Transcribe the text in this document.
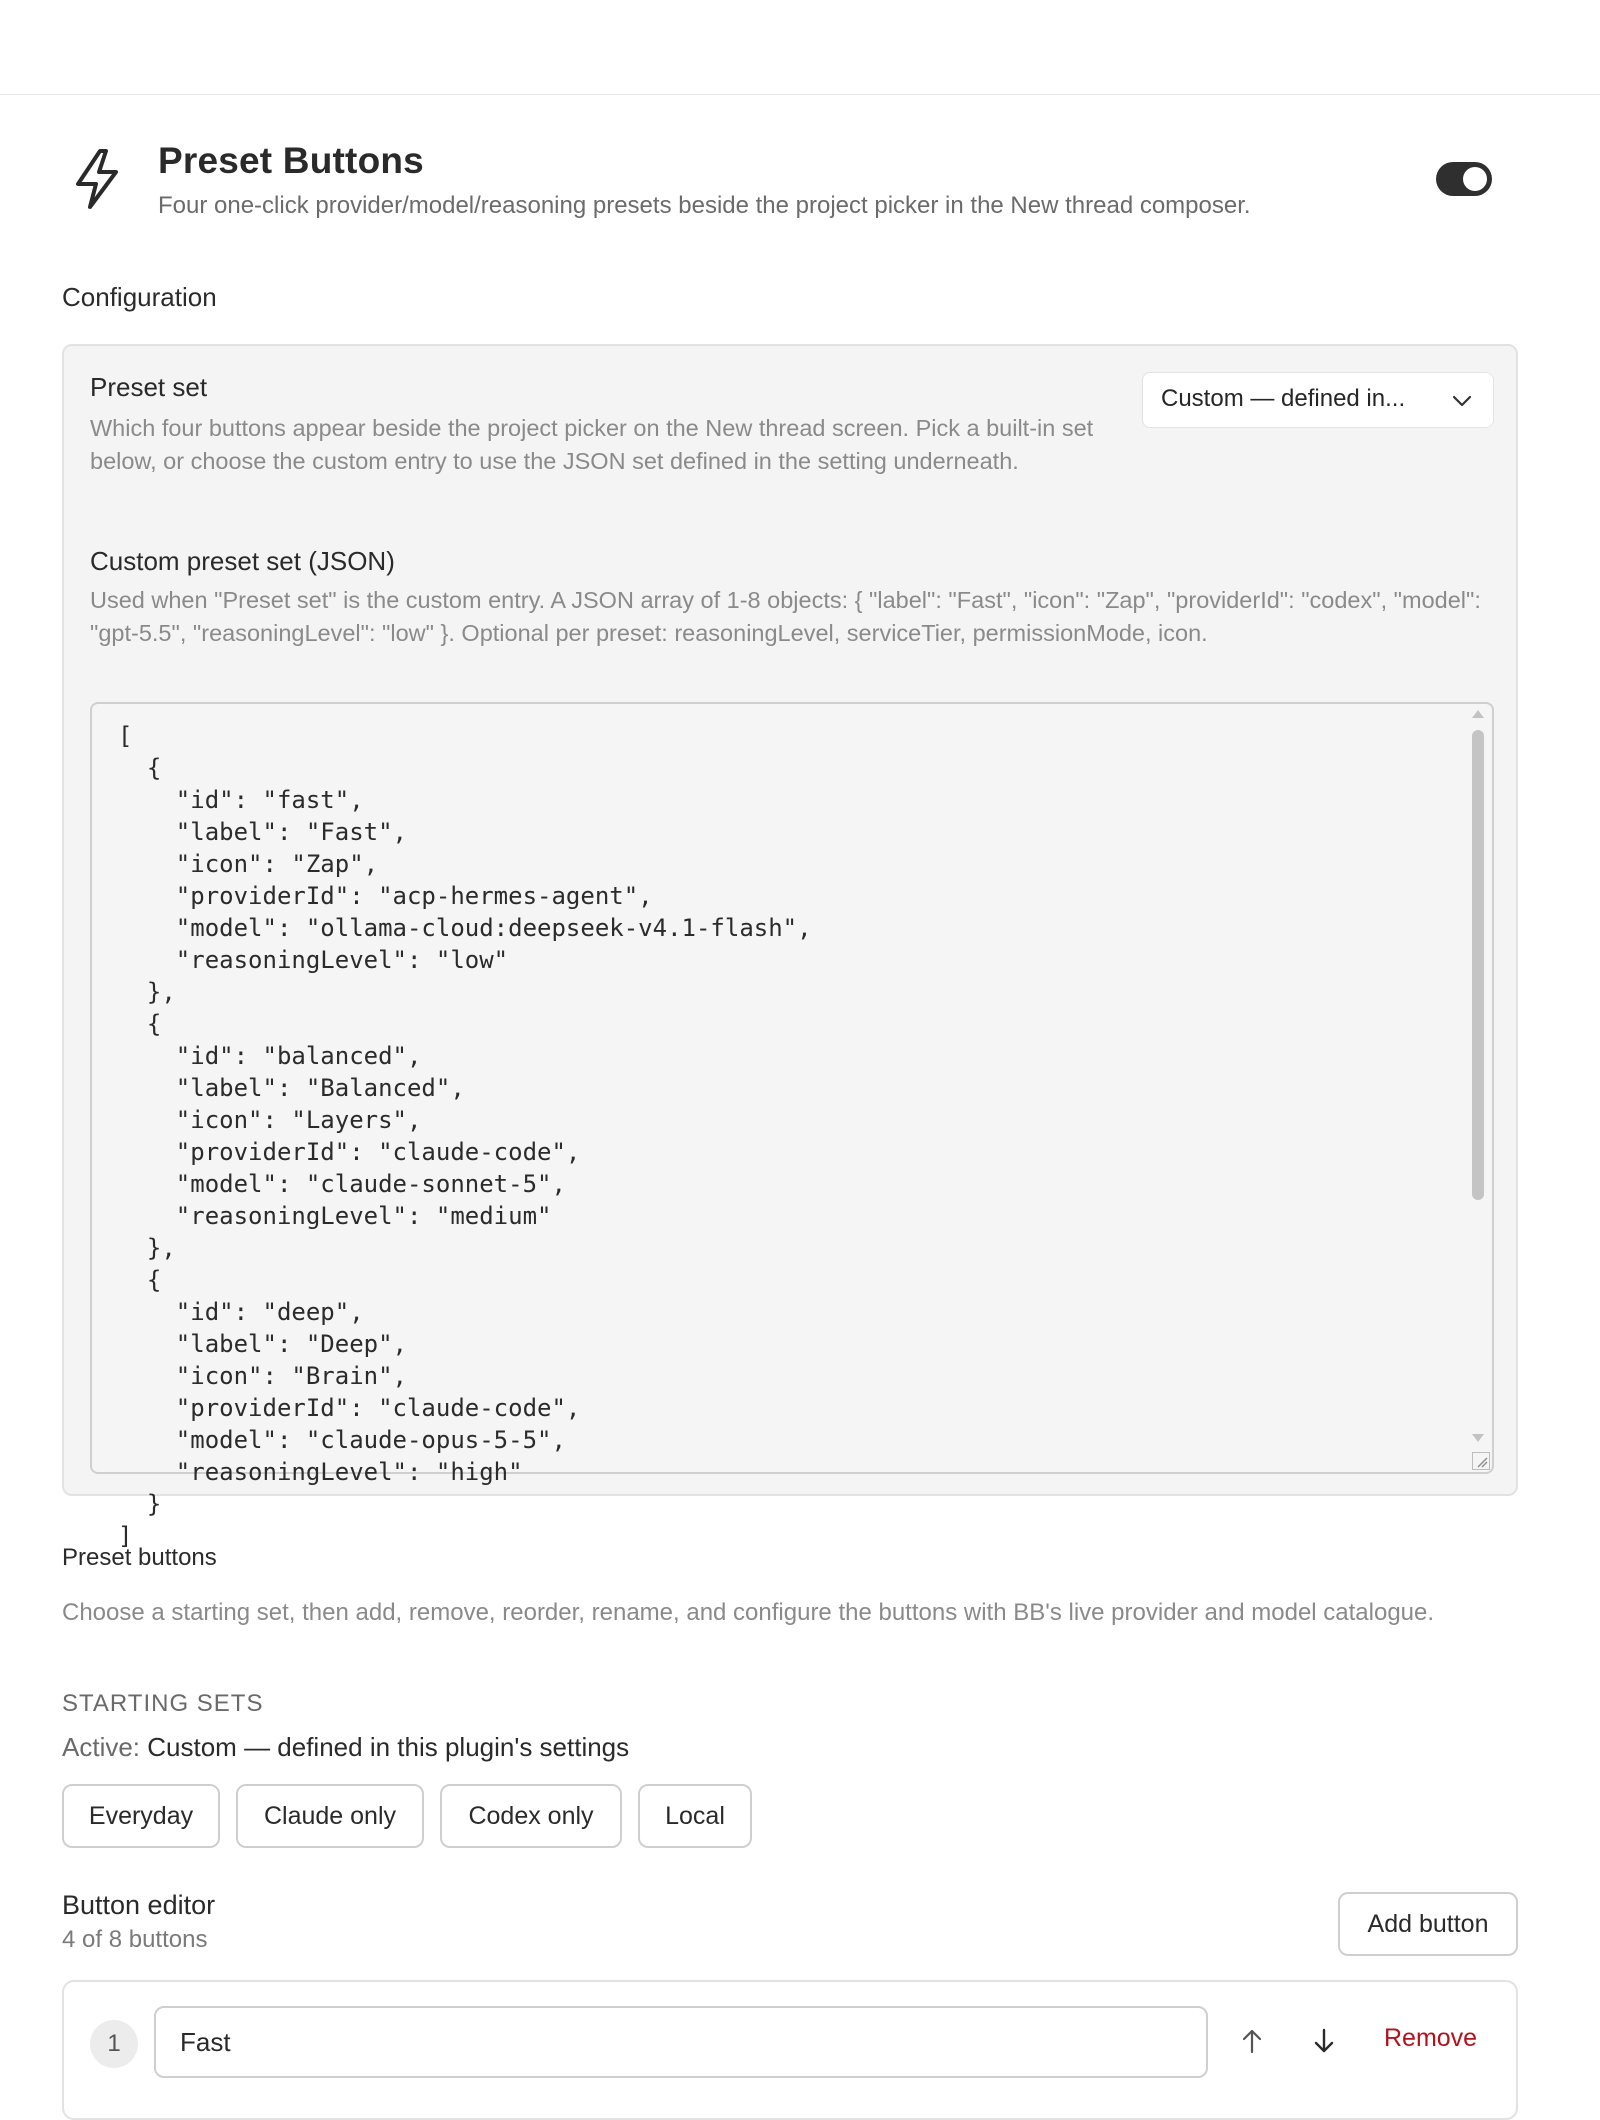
Preset Buttons
Four one-click provider/model/reasoning presets beside the project picker in the New thread composer.
Configuration
Preset set
Which four buttons appear beside the project picker on the New thread screen. Pick a built-in set below, or choose the custom entry to use the JSON set defined in the setting underneath.
Custom — defined in...
Custom preset set (JSON)
Used when "Preset set" is the custom entry. A JSON array of 1-8 objects: { "label": "Fast", "icon": "Zap", "providerId": "codex", "model": "gpt-5.5", "reasoningLevel": "low" }. Optional per preset: reasoningLevel, serviceTier, permissionMode, icon.
[
{
"id": "fast",
"label": "Fast",
"icon": "Zap",
"providerId": "acp-hermes-agent",
"model": "ollama-cloud:deepseek-v4.1-flash",
"reasoningLevel": "low"
},
{
"id": "balanced",
"label": "Balanced",
"icon": "Layers",
"providerId": "claude-code",
"model": "claude-sonnet-5",
"reasoningLevel": "medium"
},
{
"id": "deep",
"label": "Deep",
"icon": "Brain",
"providerId": "claude-code",
"model": "claude-opus-5-5",
"reasoningLevel": "high"
}
]
Preset buttons
Choose a starting set, then add, remove, reorder, rename, and configure the buttons with BB's live provider and model catalogue.
STARTING SETS
Active: Custom — defined in this plugin's settings
Everyday	Claude only	Codex only	Local
Button editor
4 of 8 buttons
Add button
1	Fast	Remove
